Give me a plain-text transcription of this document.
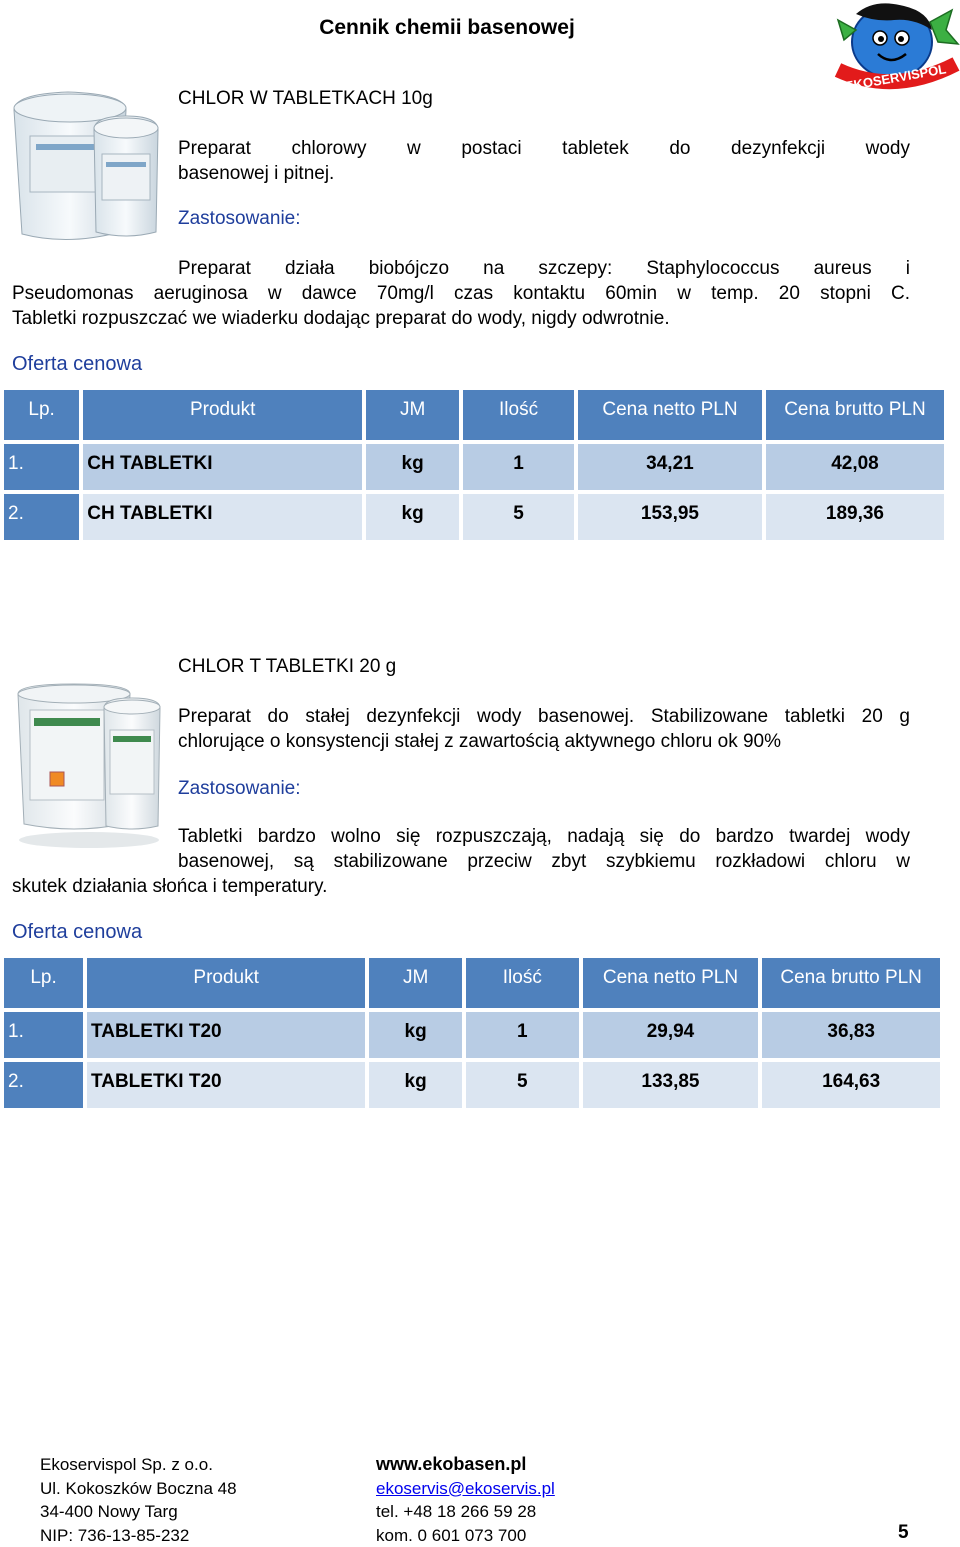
Cennik chemii basenowej
EKOSERVISPOL
CHLOR W TABLETKACH 10g
Preparat chlorowy w postaci tabletek do dezynfekcji wody
basenowej i pitnej.
Zastosowanie:
Preparat działa biobójczo na szczepy: Staphylococcus aureus i
Pseudomonas aeruginosa w dawce 70mg/l czas kontaktu 60min w temp. 20 stopni C.
Tabletki rozpuszczać we wiaderku dodając preparat do wody, nigdy odwrotnie.
Oferta cenowa
Lp.	Produkt	JM	Ilość	Cena netto PLN	Cena brutto PLN
1.	CH TABLETKI	kg	1	34,21	42,08
2.	CH TABLETKI	kg	5	153,95	189,36
CHLOR T TABLETKI 20 g
Preparat do stałej dezynfekcji wody basenowej. Stabilizowane tabletki 20 g
chlorujące o konsystencji stałej z zawartością aktywnego chloru ok 90%
Zastosowanie:
Tabletki bardzo wolno się rozpuszczają, nadają się do bardzo twardej wody
basenowej, są stabilizowane przeciw zbyt szybkiemu rozkładowi chloru w
skutek działania słońca i temperatury.
Oferta cenowa
Lp.	Produkt	JM	Ilość	Cena netto PLN	Cena brutto PLN
1.	TABLETKI T20	kg	1	29,94	36,83
2.	TABLETKI T20	kg	5	133,85	164,63
Ekoservispol Sp. z o.o.
Ul. Kokoszków Boczna 48
34-400 Nowy Targ
NIP: 736-13-85-232
www.ekobasen.pl
ekoservis@ekoservis.pl
tel. +48 18 266 59 28
kom. 0 601 073 700	5
